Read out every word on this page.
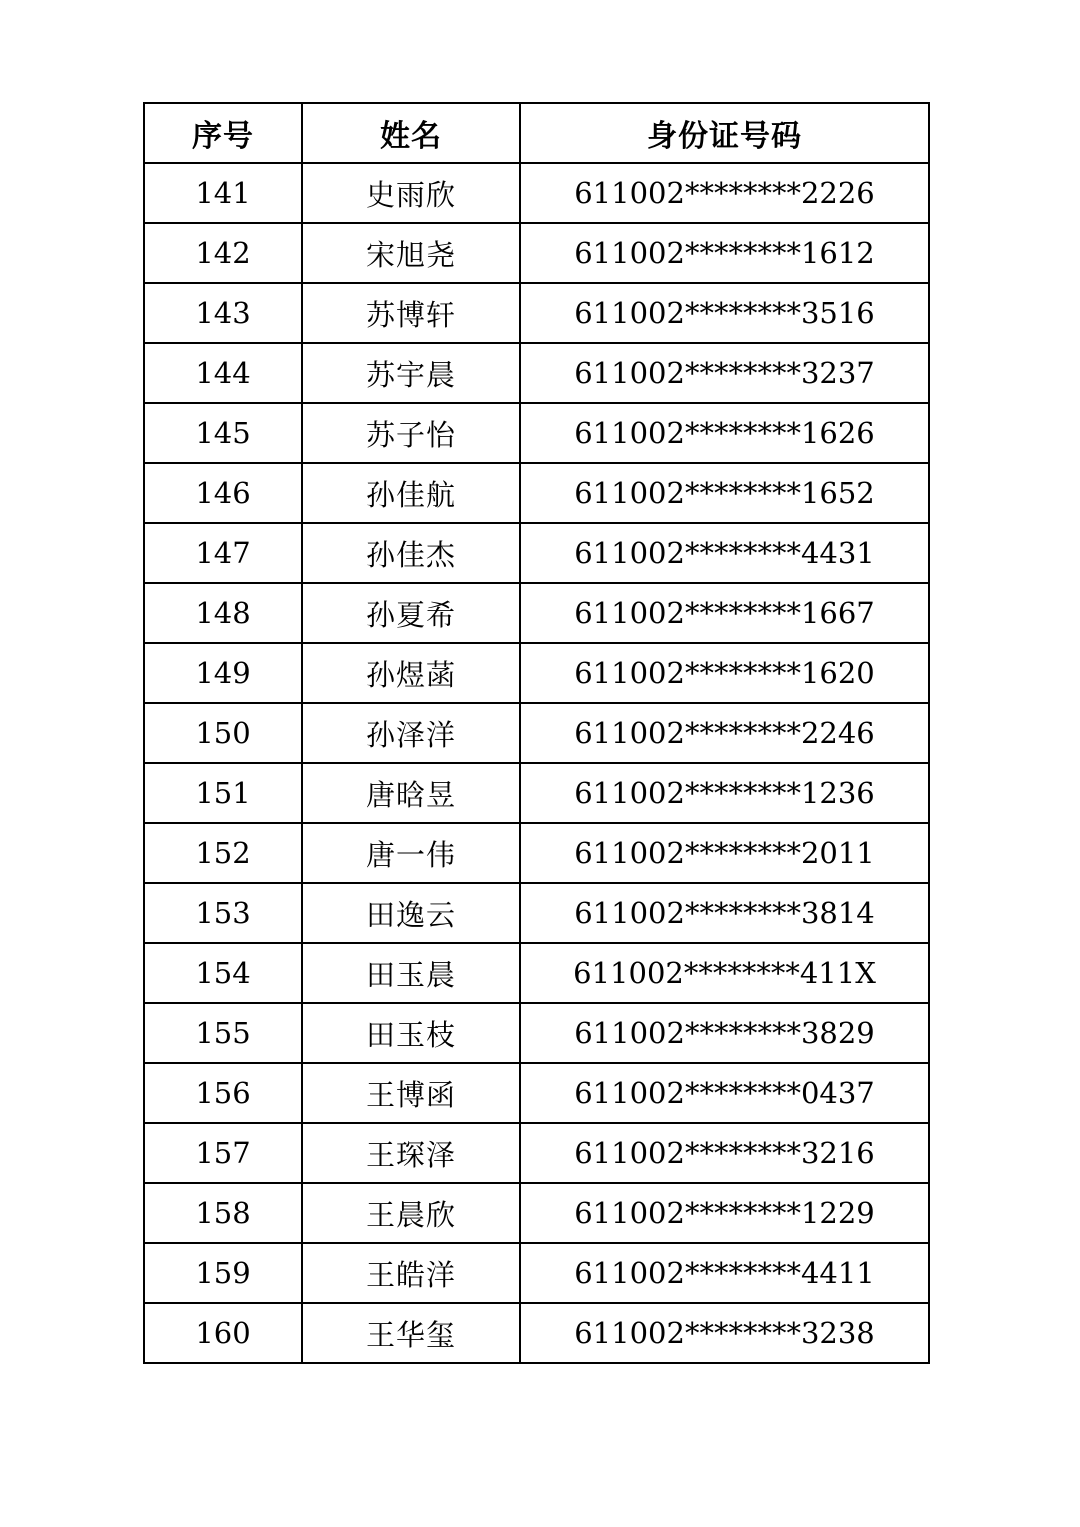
序号	姓名	身份证号码
141	史雨欣	611002********2226
142	宋旭尧	611002********1612
143	苏博轩	611002********3516
144	苏宇晨	611002********3237
145	苏子怡	611002********1626
146	孙佳航	611002********1652
147	孙佳杰	611002********4431
148	孙夏希	611002********1667
149	孙煜菡	611002********1620
150	孙泽洋	611002********2246
151	唐晗昱	611002********1236
152	唐一伟	611002********2011
153	田逸云	611002********3814
154	田玉晨	611002********411X
155	田玉枝	611002********3829
156	王博函	611002********0437
157	王琛泽	611002********3216
158	王晨欣	611002********1229
159	王皓洋	611002********4411
160	王华玺	611002********3238
